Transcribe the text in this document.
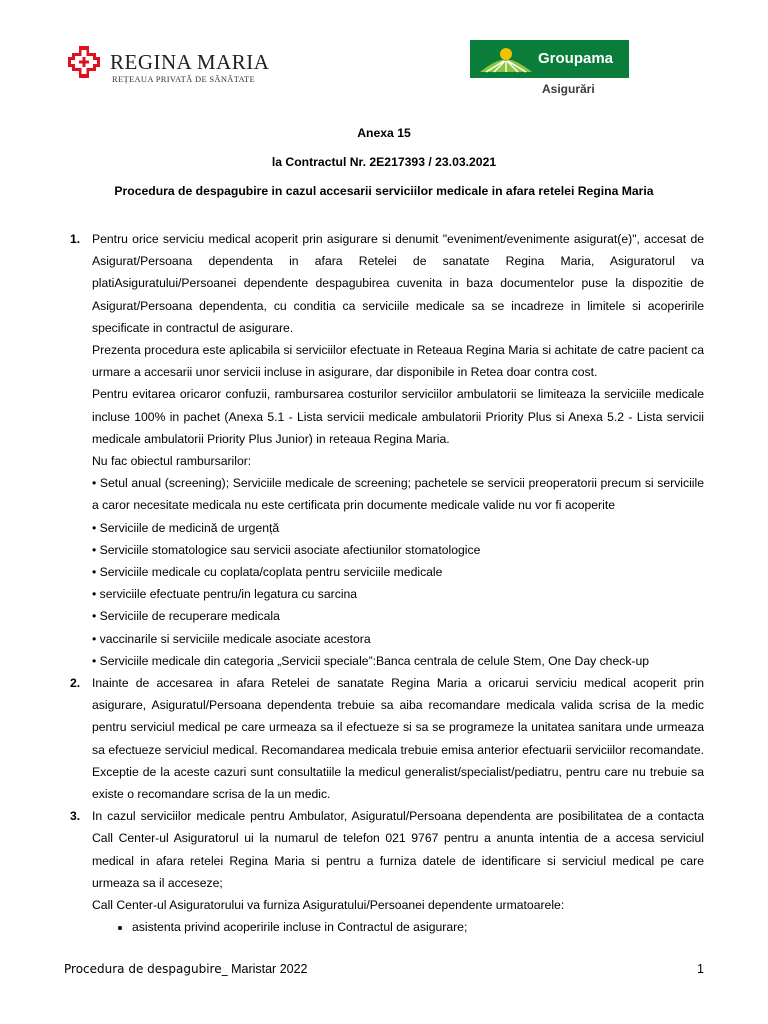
REGINA MARIA
REȚEAUA PRIVATĂ DE SĂNĂTATE
Groupama
Asigurări
Anexa 15
la Contractul Nr. 2E217393 / 23.03.2021
Procedura de despagubire in cazul accesarii serviciilor medicale in afara retelei Regina Maria
1. Pentru orice serviciu medical acoperit prin asigurare si denumit "eveniment/evenimente asigurat(e)", accesat de Asigurat/Persoana dependenta in afara Retelei de sanatate Regina Maria, Asiguratorul va platiAsiguratului/Persoanei dependente despagubirea cuvenita in baza documentelor puse la dispozitie de Asigurat/Persoana dependenta, cu conditia ca serviciile medicale sa se incadreze in limitele si acoperirile specificate in contractul de asigurare.

Prezenta procedura este aplicabila si serviciilor efectuate in Reteaua Regina Maria si achitate de catre pacient ca urmare a accesarii unor servicii incluse in asigurare, dar disponibile in Retea doar contra cost.

Pentru evitarea oricaror confuzii, rambursarea costurilor serviciilor ambulatorii se limiteaza la serviciile medicale incluse 100% in pachet (Anexa 5.1 - Lista servicii medicale ambulatorii Priority Plus si Anexa 5.2 - Lista servicii medicale ambulatorii Priority Plus Junior) in reteaua Regina Maria.

Nu fac obiectul rambursarilor:

• Setul anual (screening); Serviciile medicale de screening; pachetele se servicii preoperatorii precum si serviciile a caror necesitate medicala nu este certificata prin documente medicale valide nu vor fi acoperite

• Serviciile de medicină de urgență

• Serviciile stomatologice sau servicii asociate afectiunilor stomatologice

• Serviciile medicale cu coplata/coplata pentru serviciile medicale

• serviciile efectuate pentru/in legatura cu sarcina

• Serviciile de recuperare medicala

• vaccinarile si serviciile medicale asociate acestora

• Serviciile medicale din categoria „Servicii speciale”:Banca centrala de celule Stem, One Day check-up

2. Inainte de accesarea in afara Retelei de sanatate Regina Maria a oricarui serviciu medical acoperit prin asigurare, Asiguratul/Persoana dependenta trebuie sa aiba recomandare medicala valida scrisa de la medic pentru serviciul medical pe care urmeaza sa il efectueze si sa se programeze la unitatea sanitara unde urmeaza sa efectueze serviciul medical. Recomandarea medicala trebuie emisa anterior efectuarii serviciilor recomandate. Exceptie de la aceste cazuri sunt consultatiile la medicul generalist/specialist/pediatru, pentru care nu trebuie sa existe o recomandare scrisa de la un medic.

3. In cazul serviciilor medicale pentru Ambulator, Asiguratul/Persoana dependenta are posibilitatea de a contacta Call Center-ul Asiguratorul ui la numarul de telefon 021 9767 pentru a anunta intentia de a accesa serviciul medical in afara retelei Regina Maria si pentru a furniza datele de identificare si serviciul medical pe care urmeaza sa il acceseze;

Call Center-ul Asiguratorului va furniza Asiguratului/Persoanei dependente urmatoarele:

• asistenta privind acoperirile incluse in Contractul de asigurare;
Procedura de despagubire_ Maristar 2022	1
